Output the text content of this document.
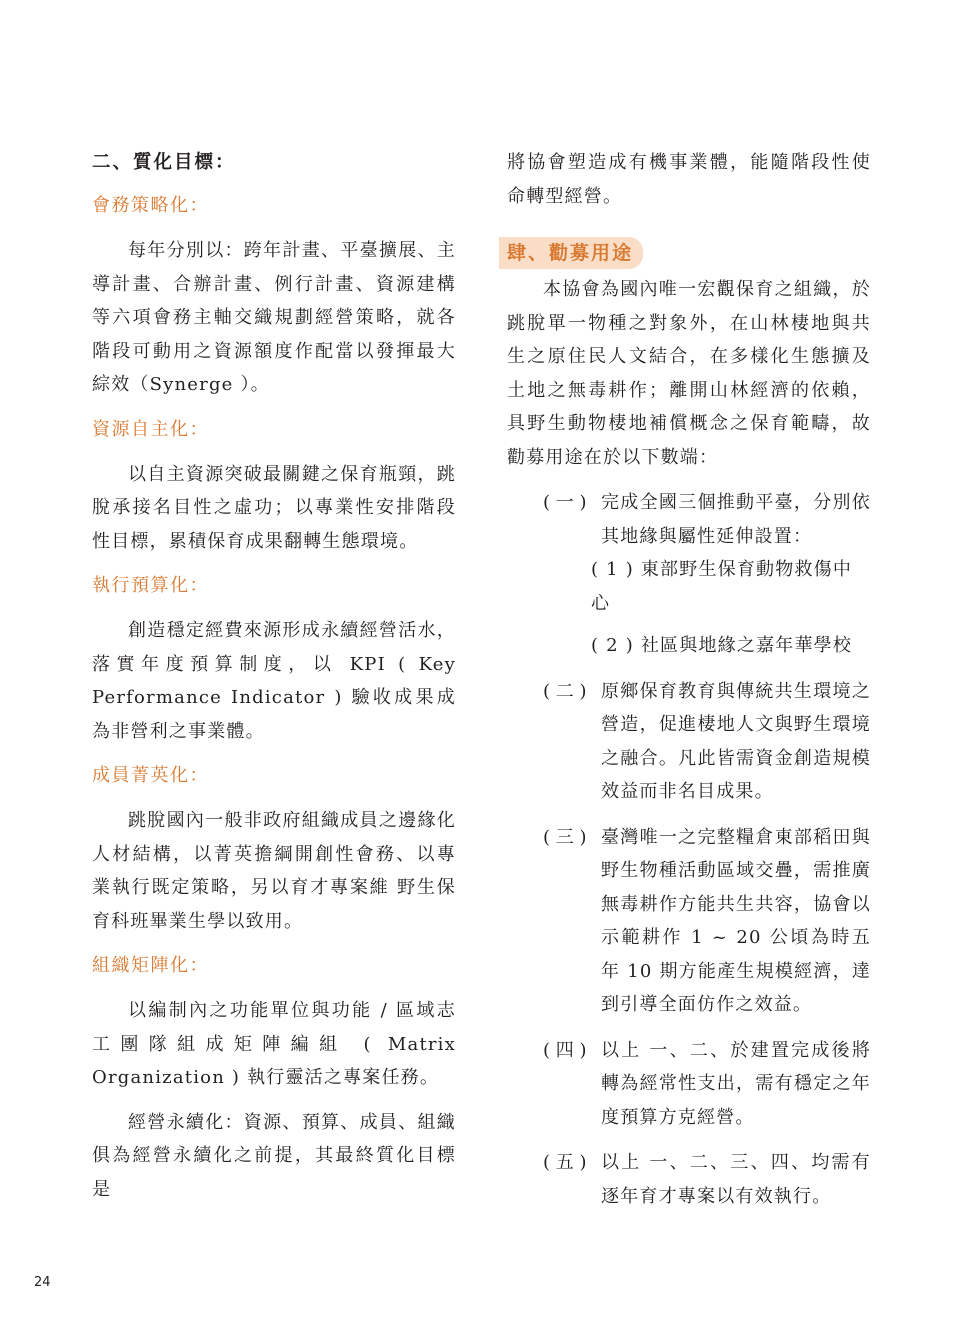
二、質化目標：

會務策略化：

每年分別以：跨年計畫、平臺擴展、主導計畫、合辦計畫、例行計畫、資源建構等六項會務主軸交織規劃經營策略，就各階段可動用之資源額度作配當以發揮最大綜效（Synerge ）。

資源自主化：

以自主資源突破最關鍵之保育瓶頸，跳脫承接名目性之虛功；以專業性安排階段性目標，累積保育成果翻轉生態環境。

執行預算化：

創造穩定經費來源形成永續經營活水，落實年度預算制度，以 KPI ( Key Performance Indicator ) 驗收成果成為非營利之事業體。

成員菁英化：

跳脫國內一般非政府組織成員之邊緣化人材結構，以菁英擔綱開創性會務、以專業執行既定策略，另以育才專案維 野生保育科班畢業生學以致用。

組織矩陣化：

以編制內之功能單位與功能 / 區域志工團隊組成矩陣編組 ( Matrix Organization ) 執行靈活之專案任務。

經營永續化：資源、預算、成員、組織俱為經營永續化之前提，其最終質化目標是

將協會塑造成有機事業體，能隨階段性使命轉型經營。

肆、勸募用途

本協會為國內唯一宏觀保育之組織，於跳脫單一物種之對象外，在山林棲地與共生之原住民人文結合，在多樣化生態擴及土地之無毒耕作；離開山林經濟的依賴，具野生動物棲地補償概念之保育範疇，故勸募用途在於以下數端：

( 一 ) 完成全國三個推動平臺，分別依其地緣與屬性延伸設置：
( 1 ) 東部野生保育動物救傷中心
( 2 ) 社區與地緣之嘉年華學校
( 二 ) 原鄉保育教育與傳統共生環境之營造，促進棲地人文與野生環境之融合。凡此皆需資金創造規模效益而非名目成果。
( 三 ) 臺灣唯一之完整糧倉東部稻田與野生物種活動區域交疊，需推廣無毒耕作方能共生共容，協會以示範耕作 1 ~ 20 公頃為時五年 10 期方能產生規模經濟，達到引導全面仿作之效益。
( 四 ) 以上 一、二、於建置完成後將轉為經常性支出，需有穩定之年度預算方克經營。
( 五 ) 以上 一、二、三、四、均需有逐年育才專案以有效執行。
24
